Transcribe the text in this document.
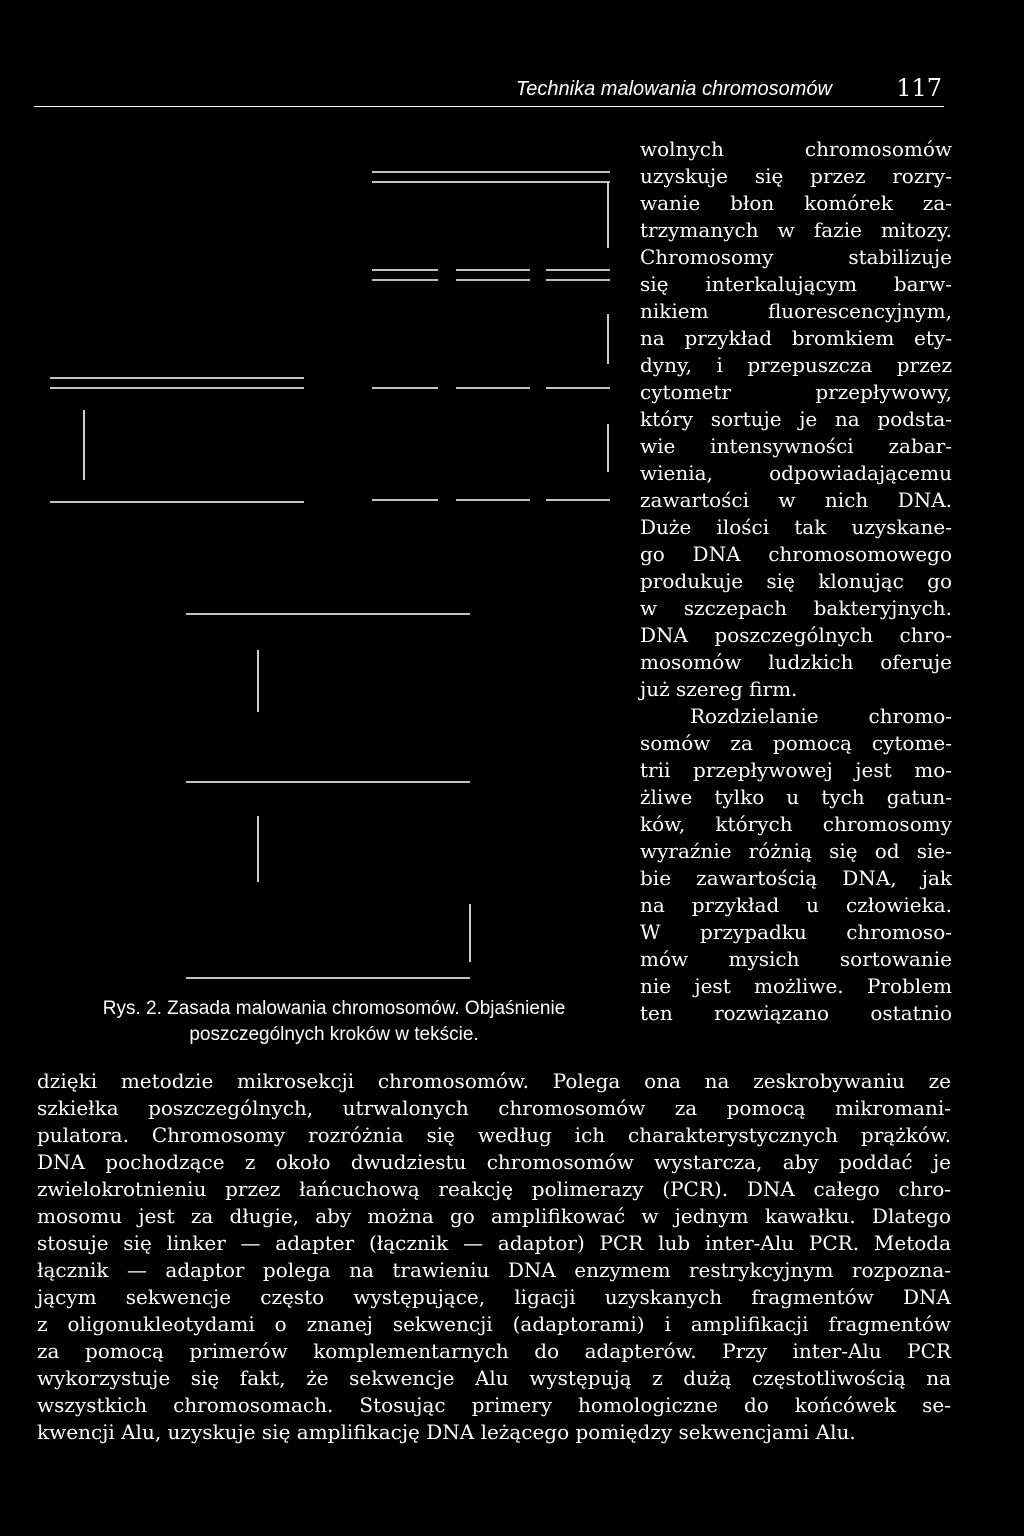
Technika malowania chromosomów	117
Rys. 2. Zasada malowania chromosomów. Objaśnienie
poszczególnych kroków w tekście.

wolnych chromosomów

uzyskuje się przez rozry-

wanie błon komórek za-

trzymanych w fazie mitozy.

Chromosomy stabilizuje

się interkalującym barw-

nikiem fluorescencyjnym,

na przykład bromkiem ety-

dyny, i przepuszcza przez

cytometr przepływowy,

który sortuje je na podsta-

wie intensywności zabar-

wienia, odpowiadającemu

zawartości w nich DNA.

Duże ilości tak uzyskane-

go DNA chromosomowego

produkuje się klonując go

w szczepach bakteryjnych.

DNA poszczególnych chro-

mosomów ludzkich oferuje

już szereg firm.

Rozdzielanie chromo-

somów za pomocą cytome-

trii przepływowej jest mo-

żliwe tylko u tych gatun-

ków, których chromosomy

wyraźnie różnią się od sie-

bie zawartością DNA, jak

na przykład u człowieka.

W przypadku chromoso-

mów mysich sortowanie

nie jest możliwe. Problem

ten rozwiązano ostatnio

dzięki metodzie mikrosekcji chromosomów. Polega ona na zeskrobywaniu ze

szkiełka poszczególnych, utrwalonych chromosomów za pomocą mikromani-

pulatora. Chromosomy rozróżnia się według ich charakterystycznych prążków.

DNA pochodzące z około dwudziestu chromosomów wystarcza, aby poddać je

zwielokrotnieniu przez łańcuchową reakcję polimerazy (PCR). DNA całego chro-

mosomu jest za długie, aby można go amplifikować w jednym kawałku. Dlatego

stosuje się linker — adapter (łącznik — adaptor) PCR lub inter-Alu PCR. Metoda

łącznik — adaptor polega na trawieniu DNA enzymem restrykcyjnym rozpozna-

jącym sekwencje często występujące, ligacji uzyskanych fragmentów DNA

z oligonukleotydami o znanej sekwencji (adaptorami) i amplifikacji fragmentów

za pomocą primerów komplementarnych do adapterów. Przy inter-Alu PCR

wykorzystuje się fakt, że sekwencje Alu występują z dużą częstotliwością na

wszystkich chromosomach. Stosując primery homologiczne do końcówek se-

kwencji Alu, uzyskuje się amplifikację DNA leżącego pomiędzy sekwencjami Alu.
